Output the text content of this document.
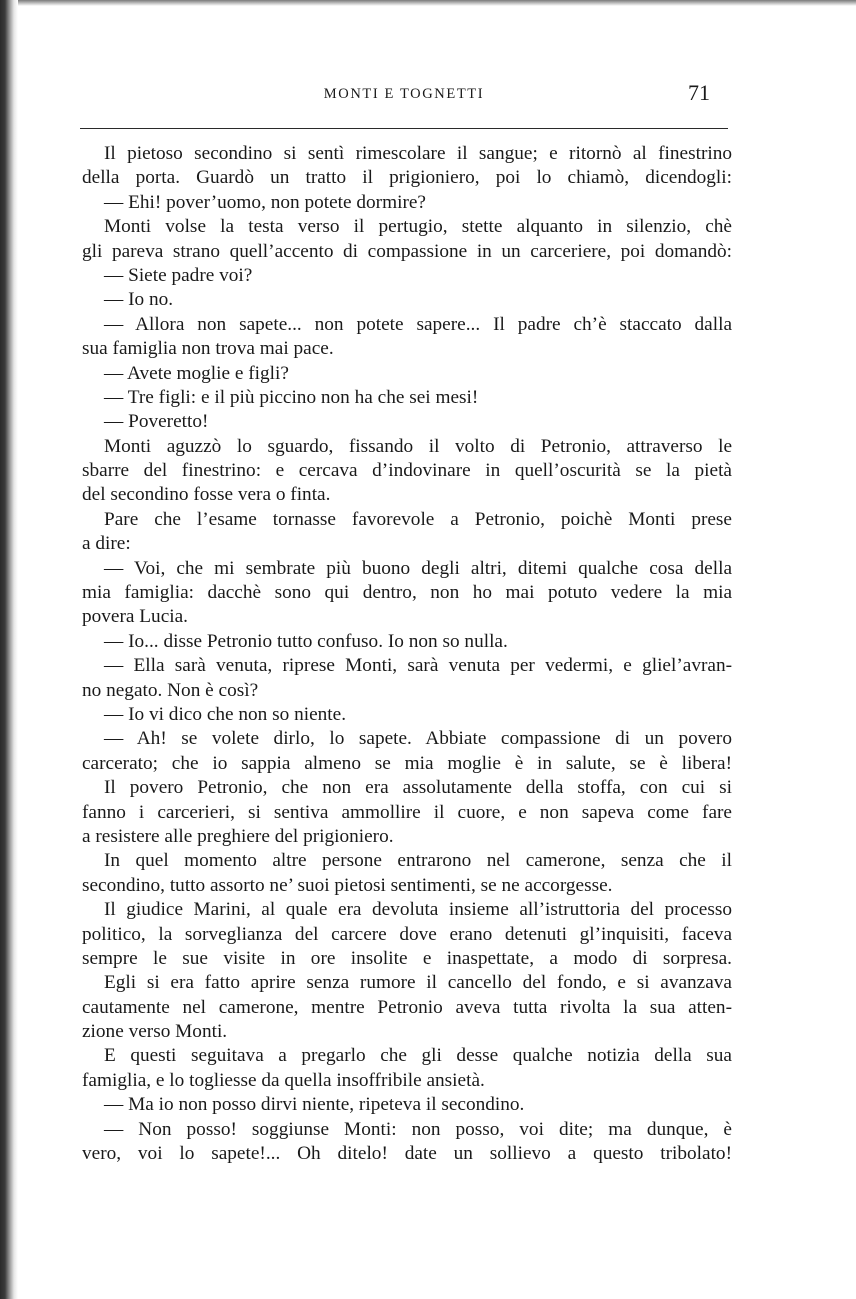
MONTI E TOGNETTI	71
Il pietoso secondino si sentì rimescolare il sangue; e ritornò al finestrino
della porta. Guardò un tratto il prigioniero, poi lo chiamò, dicendogli:
— Ehi! pover’uomo, non potete dormire?
Monti volse la testa verso il pertugio, stette alquanto in silenzio, chè
gli pareva strano quell’accento di compassione in un carceriere, poi domandò:
— Siete padre voi?
— Io no.
— Allora non sapete... non potete sapere... Il padre ch’è staccato dalla
sua famiglia non trova mai pace.
— Avete moglie e figli?
— Tre figli: e il più piccino non ha che sei mesi!
— Poveretto!
Monti aguzzò lo sguardo, fissando il volto di Petronio, attraverso le
sbarre del finestrino: e cercava d’indovinare in quell’oscurità se la pietà
del secondino fosse vera o finta.
Pare che l’esame tornasse favorevole a Petronio, poichè Monti prese
a dire:
— Voi, che mi sembrate più buono degli altri, ditemi qualche cosa della
mia famiglia: dacchè sono qui dentro, non ho mai potuto vedere la mia
povera Lucia.
— Io... disse Petronio tutto confuso. Io non so nulla.
— Ella sarà venuta, riprese Monti, sarà venuta per vedermi, e gliel’avran-
no negato. Non è così?
— Io vi dico che non so niente.
— Ah! se volete dirlo, lo sapete. Abbiate compassione di un povero
carcerato; che io sappia almeno se mia moglie è in salute, se è libera!
Il povero Petronio, che non era assolutamente della stoffa, con cui si
fanno i carcerieri, si sentiva ammollire il cuore, e non sapeva come fare
a resistere alle preghiere del prigioniero.
In quel momento altre persone entrarono nel camerone, senza che il
secondino, tutto assorto ne’ suoi pietosi sentimenti, se ne accorgesse.
Il giudice Marini, al quale era devoluta insieme all’istruttoria del processo
politico, la sorveglianza del carcere dove erano detenuti gl’inquisiti, faceva
sempre le sue visite in ore insolite e inaspettate, a modo di sorpresa.
Egli si era fatto aprire senza rumore il cancello del fondo, e si avanzava
cautamente nel camerone, mentre Petronio aveva tutta rivolta la sua atten-
zione verso Monti.
E questi seguitava a pregarlo che gli desse qualche notizia della sua
famiglia, e lo togliesse da quella insoffribile ansietà.
— Ma io non posso dirvi niente, ripeteva il secondino.
— Non posso! soggiunse Monti: non posso, voi dite; ma dunque, è
vero, voi lo sapete!... Oh ditelo! date un sollievo a questo tribolato!
